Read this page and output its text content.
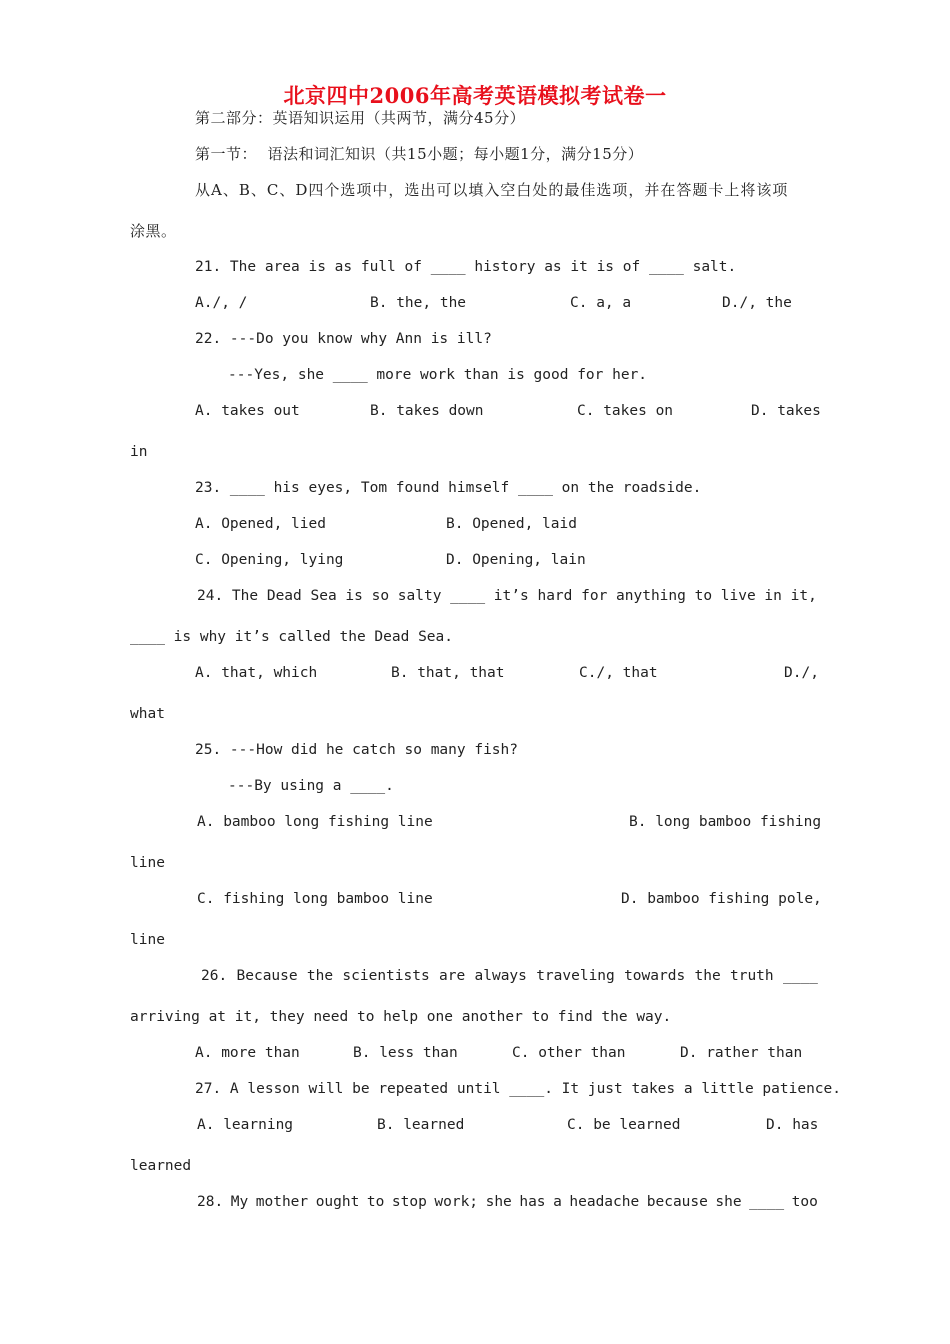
北京四中2006年高考英语模拟考试卷一
第二部分：英语知识运用（共两节，满分45分）
第一节：  语法和词汇知识（共15小题；每小题1分，满分15分）
从A、B、C、D四个选项中，选出可以填入空白处的最佳选项，并在答题卡上将该项
涂黑。
21. The area is as full of ____ history as it is of ____ salt.
A./, /	B. the, the	C. a, a	D./, the
22. ---Do you know why Ann is ill?
---Yes, she ____ more work than is good for her.
A. takes out	B. takes down	C. takes on	D. takes
in
23. ____ his eyes, Tom found himself ____ on the roadside.
A. Opened, lied	B. Opened, laid
C. Opening, lying	D. Opening, lain
24. The Dead Sea is so salty ____ it’s hard for anything to live in it,
____ is why it’s called the Dead Sea.
A. that, which	B. that, that	C./, that	D./,
what
25. ---How did he catch so many fish?
---By using a ____.
A. bamboo long fishing line	B. long bamboo fishing
line
C. fishing long bamboo line	D. bamboo fishing pole,
line
26. Because the scientists are always traveling towards the truth ____
arriving at it, they need to help one another to find the way.
A. more than	B. less than	C. other than	D. rather than
27. A lesson will be repeated until ____. It just takes a little patience.
A. learning	B. learned	C. be learned	D. has
learned
28. My mother ought to stop work; she has a headache because she ____ too
